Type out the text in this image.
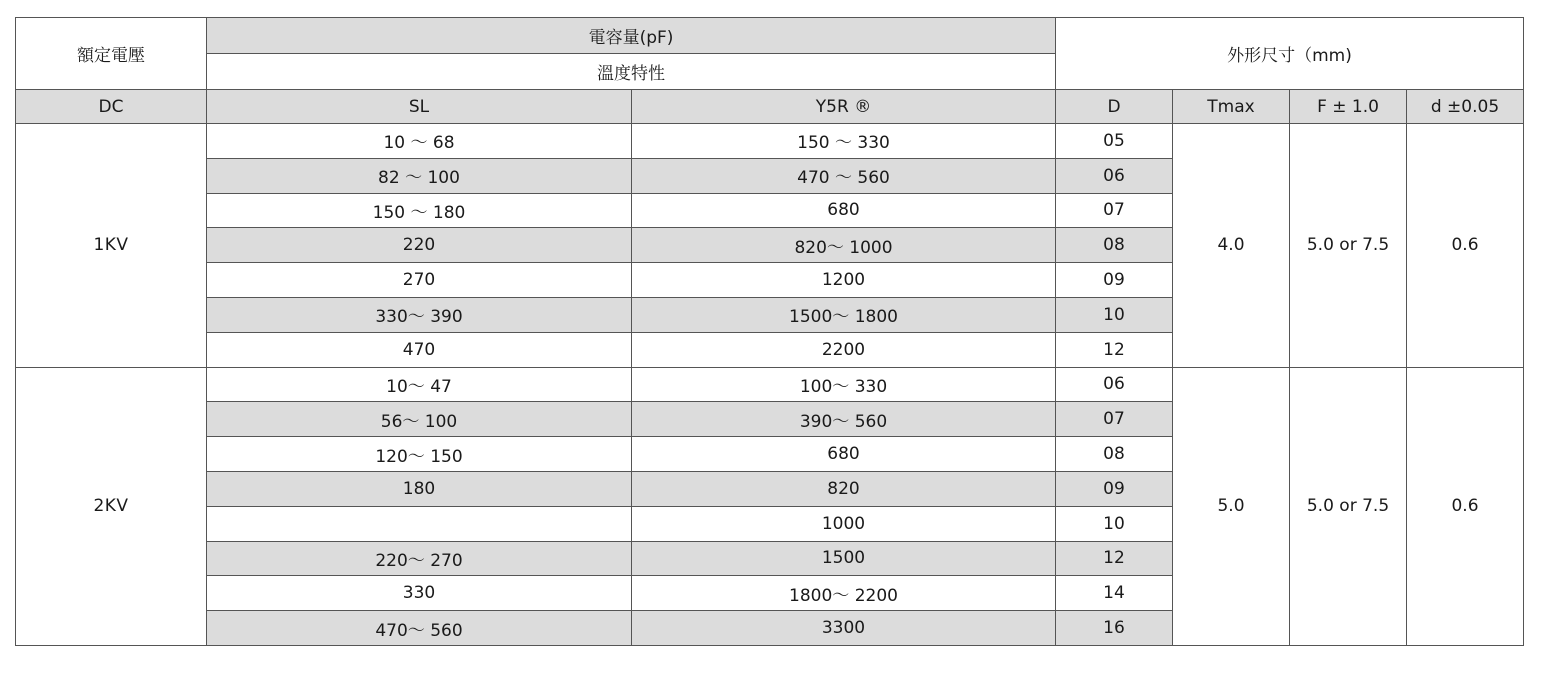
額定電壓	電容量(pF)		外形尺寸（mm)			
	溫度特性					
DC	SL	Y5R ®	D	Tmax	F ± 1.0	d ±0.05
1KV	10 ～ 68	150 ～ 330	05	4.0	5.0 or 7.5	0.6
	82 ～ 100	470 ～ 560	06			
	150 ～ 180	680	07			
	220	820～ 1000	08			
	270	1200	09			
	330～ 390	1500～ 1800	10			
	470	2200	12			
2KV	10～ 47	100～ 330	06	5.0	5.0 or 7.5	0.6
	56～ 100	390～ 560	07			
	120～ 150	680	08			
	180	820	09			
		1000	10			
	220～ 270	1500	12			
	330	1800～ 2200	14			
	470～ 560	3300	16			
